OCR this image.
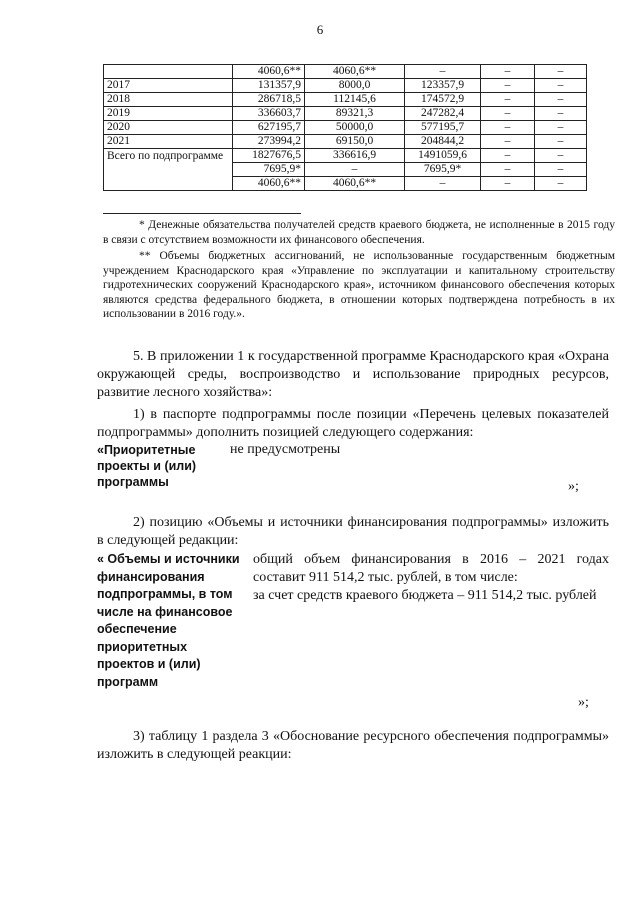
6
	4060,6**	4060,6**	–	–	–
2017	131357,9	8000,0	123357,9	–	–
2018	286718,5	112145,6	174572,9	–	–
2019	336603,7	89321,3	247282,4	–	–
2020	627195,7	50000,0	577195,7	–	–
2021	273994,2	69150,0	204844,2	–	–
Всего по подпрограмме	1827676,5	336616,9	1491059,6	–	–
	7695,9*	–	7695,9*	–	–
	4060,6**	4060,6**	–	–	–
* Денежные обязательства получателей средств краевого бюджета, не исполненные в 2015 году в связи с отсутствием возможности их финансового обеспечения.
** Объемы бюджетных ассигнований, не использованные государственным бюджетным учреждением Краснодарского края «Управление по эксплуатации и капитальному строительству гидротехнических сооружений Краснодарского края», источником финансового обеспечения которых являются средства федерального бюджета, в отношении которых подтверждена потребность в их использовании в 2016 году.».
5. В приложении 1 к государственной программе Краснодарского края «Охрана окружающей среды, воспроизводство и использование природных ресурсов, развитие лесного хозяйства»:
1) в паспорте подпрограммы после позиции «Перечень целевых показателей подпрограммы» дополнить позицией следующего содержания:
«Приоритетные проекты и (или) программы
не предусмотрены
»;
2) позицию «Объемы и источники финансирования подпрограммы» изложить в следующей редакции:
« Объемы и источники финансирования подпрограммы, в том числе на финансовое обеспечение приоритетных проектов и (или) программ
общий объем финансирования в 2016 – 2021 годах составит 911 514,2 тыс. рублей, в том числе:
за счет средств краевого бюджета – 911 514,2 тыс. рублей
»;
3) таблицу 1 раздела 3 «Обоснование ресурсного обеспечения подпрограммы» изложить в следующей реакции:
